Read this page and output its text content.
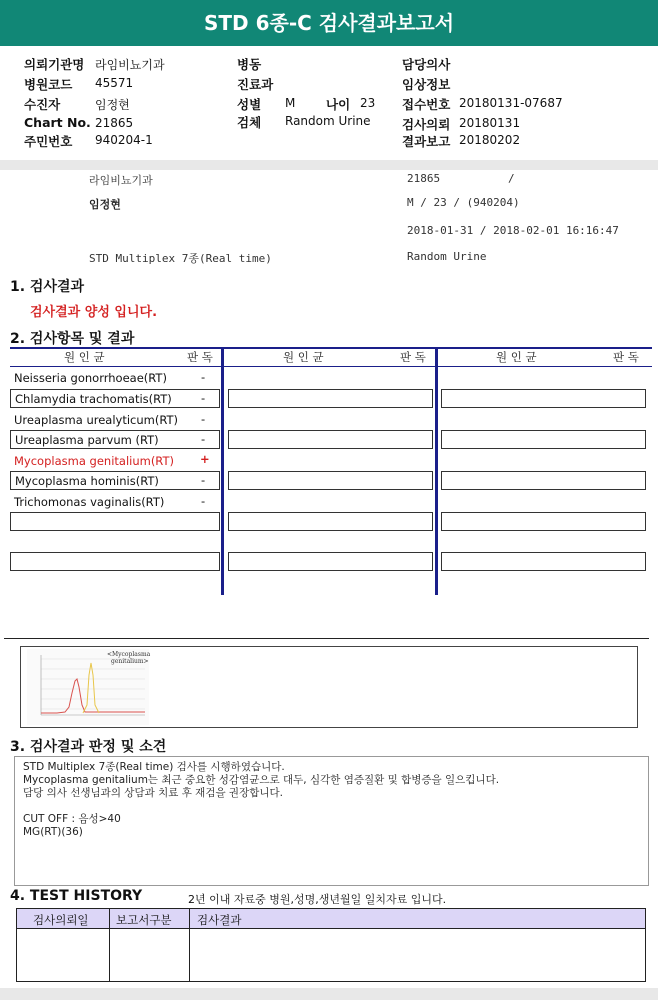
STD 6종-C 검사결과보고서
의뢰기관명 라임비뇨기과
병원코드 45571
수진자	임정현
Chart No. 21865
주민번호 940204-1
병동
진료과
성별 M 나이 23
검체 Random Urine
담당의사
임상정보
접수번호 20180131-07687
검사의뢰 20180131
결과보고 20180202
라임비뇨기과	21865	/
임정현	M / 23 / (940204)
2018-01-31 / 2018-02-01 16:16:47
STD Multiplex 7종(Real time)	Random Urine
1. 검사결과
검사결과 양성 입니다.
2. 검사항목 및 결과
원 인 균	판 독	원 인 균	판 독	원 인 균	판 독
Neisseria gonorrhoeae(RT)	-
Chlamydia trachomatis(RT)	-
Ureaplasma urealyticum(RT) -
Ureaplasma parvum (RT)	-
Mycoplasma genitalium(RT) +
Mycoplasma hominis(RT)	-
Trichomonas vaginalis(RT)	-
<Mycoplasma
genitalium>
3. 검사결과 판정 및 소견
STD Multiplex 7종(Real time) 검사를 시행하였습니다.
Mycoplasma genitalium는 최근 중요한 성감염균으로 대두, 심각한 염증질환 및 합병증을 일으킵니다.
담당 의사 선생님과의 상담과 치료 후 재검을 권장합니다.
CUT OFF : 음성>40
MG(RT)(36)
4. TEST HISTORY	2년 이내 자료중 병원,성명,생년월일 일치자료 입니다.
검사의뢰일 보고서구분 검사결과
